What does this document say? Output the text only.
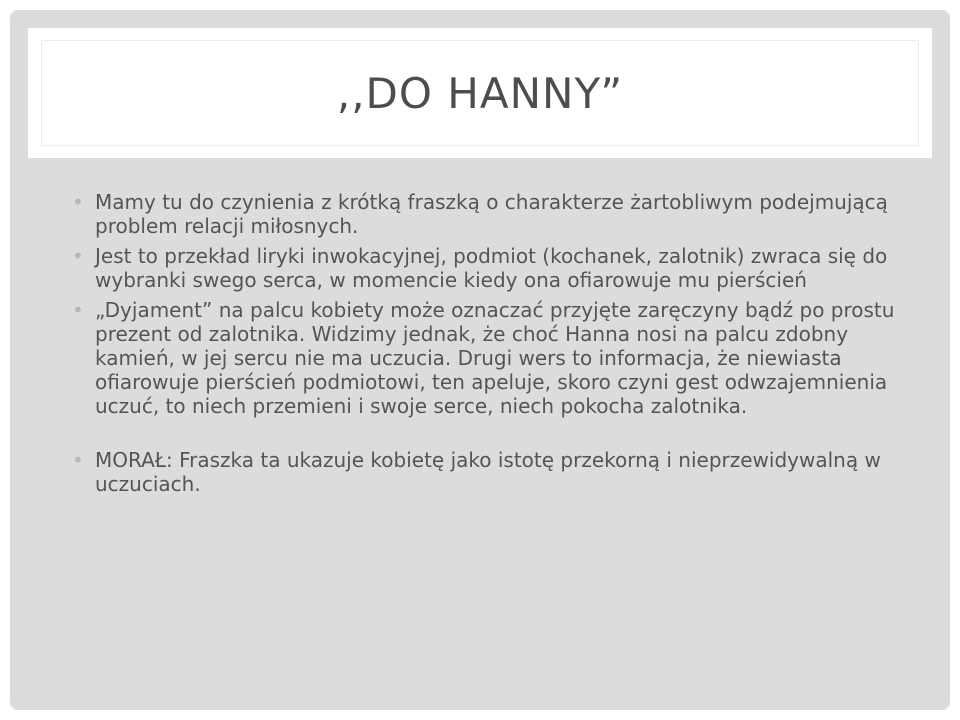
,,DO HANNY”
• Mamy tu do czynienia z krótką fraszką o charakterze żartobliwym podejmującą problem relacji miłosnych.
• Jest to przekład liryki inwokacyjnej, podmiot (kochanek, zalotnik) zwraca się do wybranki swego serca, w momencie kiedy ona ofiarowuje mu pierścień
• „Dyjament” na palcu kobiety może oznaczać przyjęte zaręczyny bądź po prostu prezent od zalotnika. Widzimy jednak, że choć Hanna nosi na palcu zdobny kamień, w jej sercu nie ma uczucia. Drugi wers to informacja, że niewiasta ofiarowuje pierścień podmiotowi, ten apeluje, skoro czyni gest odwzajemnienia uczuć, to niech przemieni i swoje serce, niech pokocha zalotnika.
• MORAŁ: Fraszka ta ukazuje kobietę jako istotę przekorną i nieprzewidywalną w uczuciach.
